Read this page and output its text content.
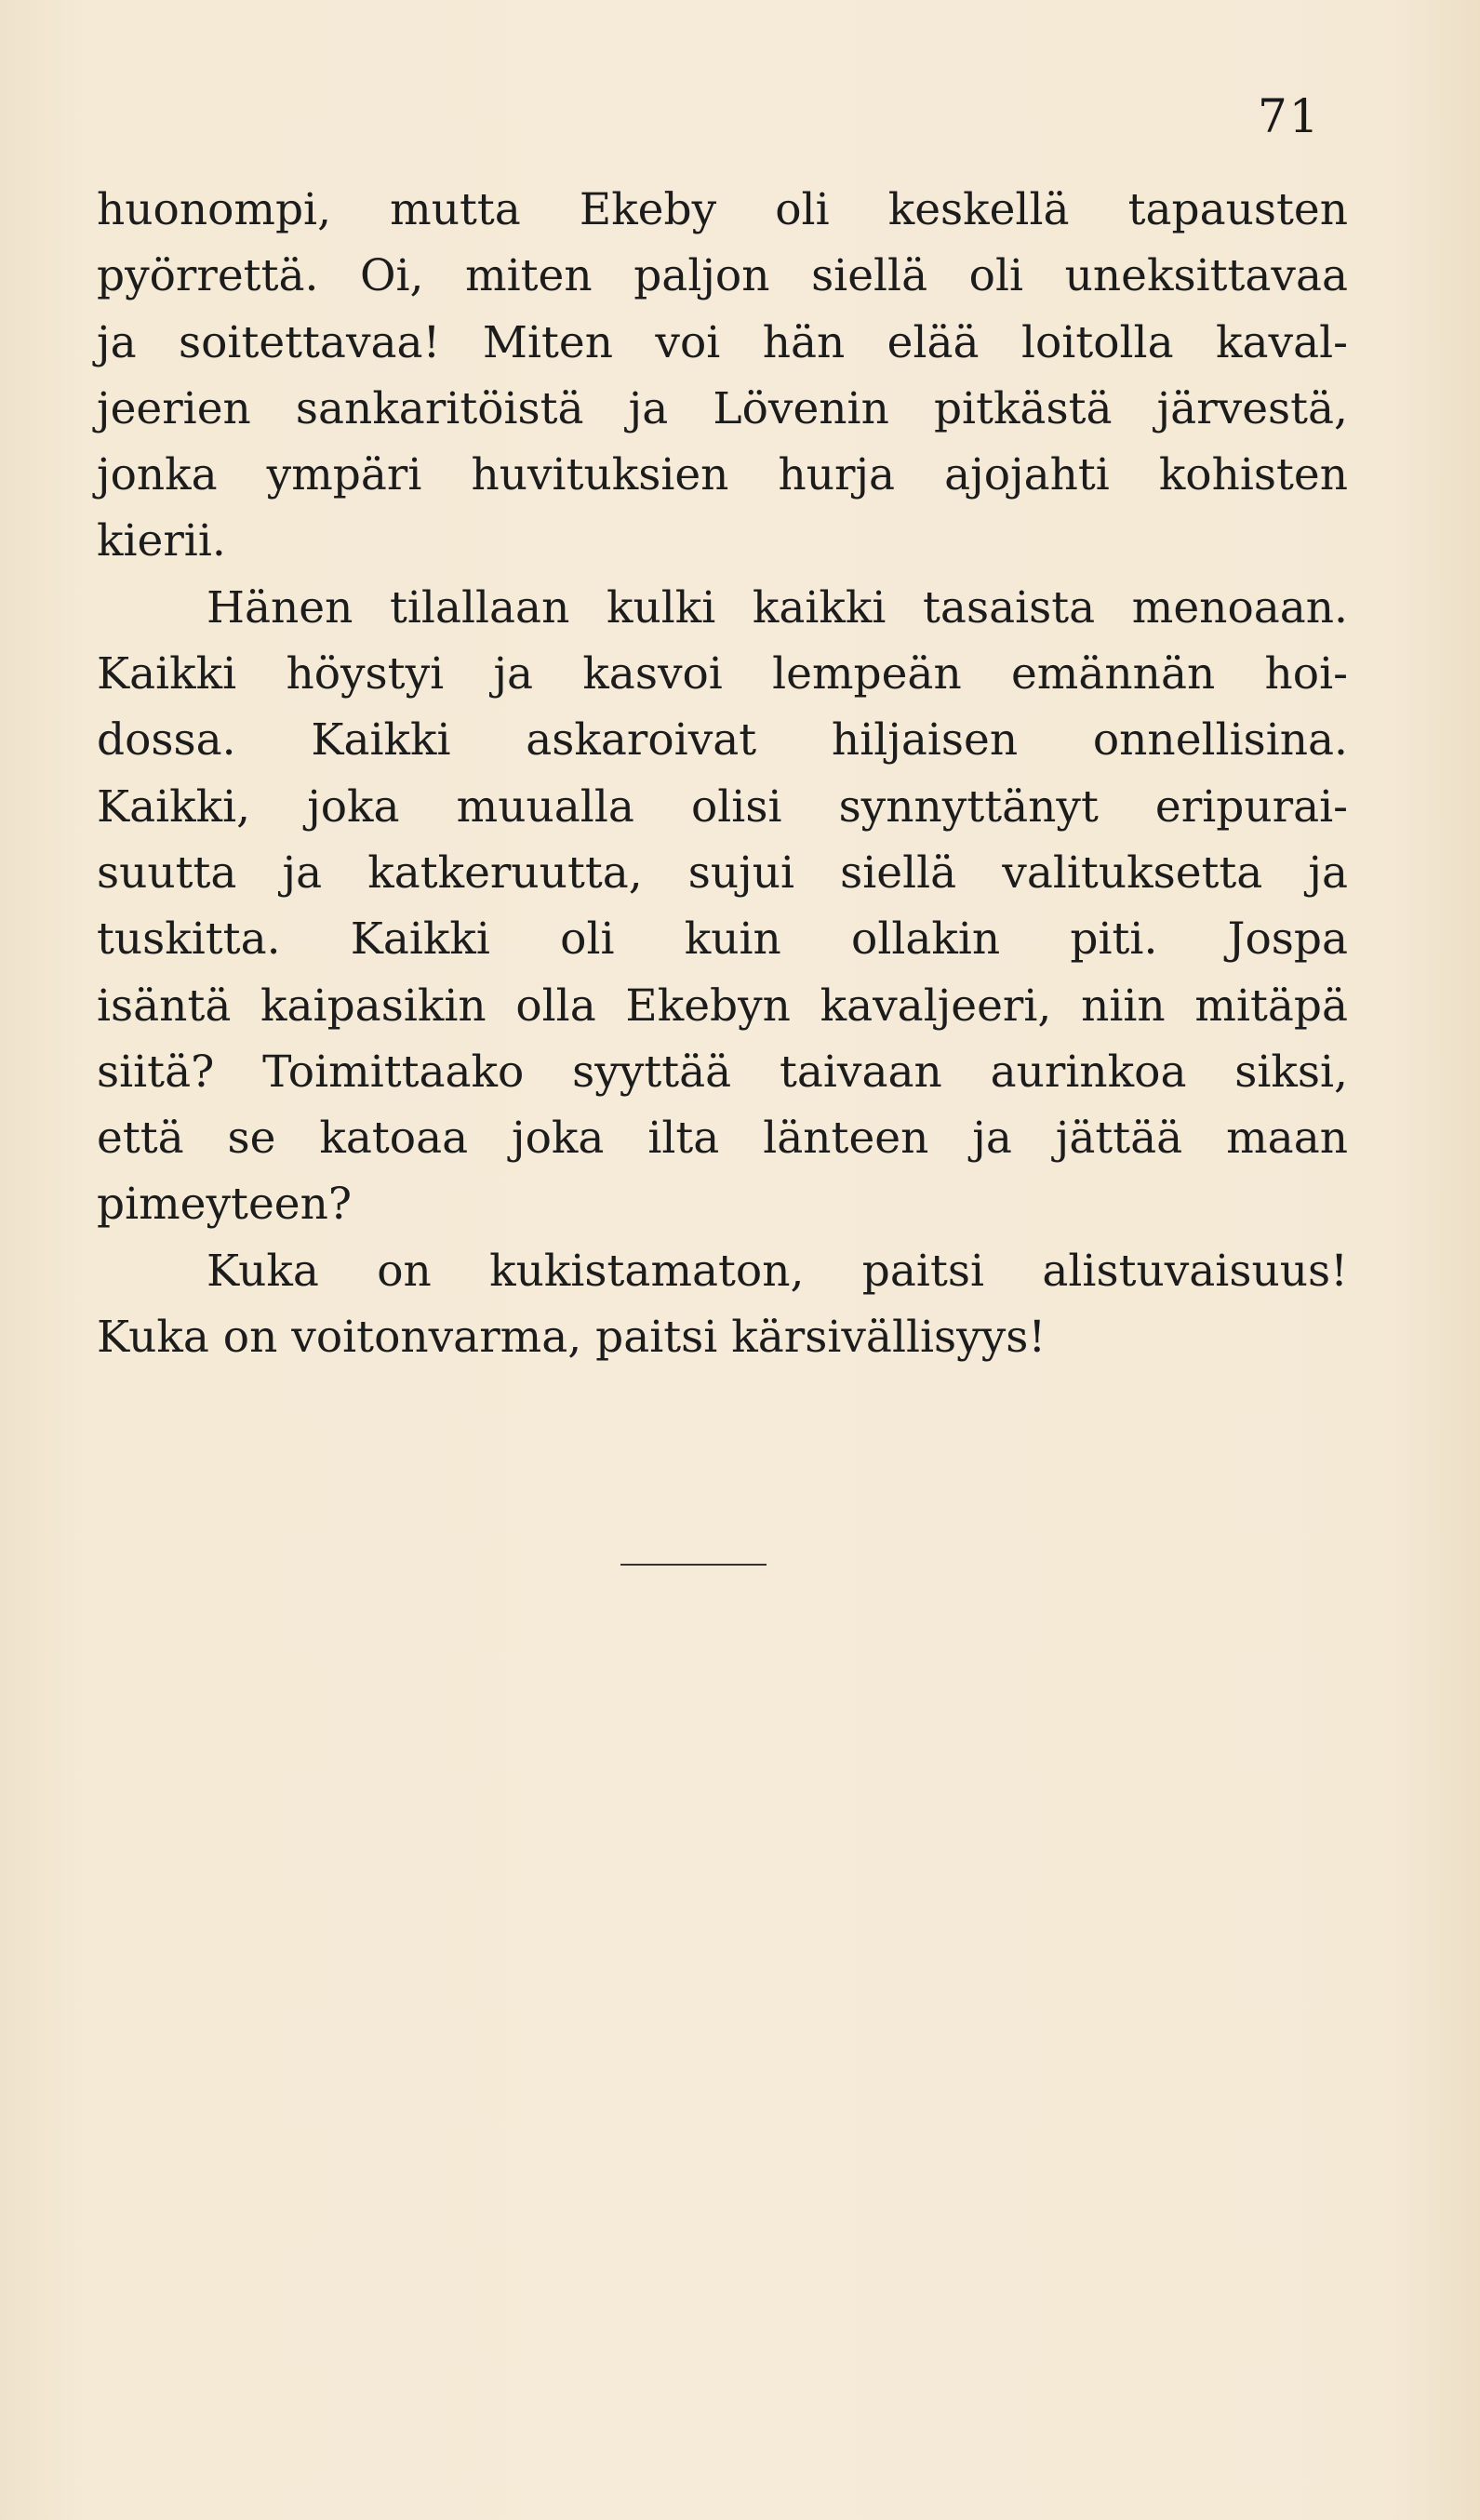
71
huonompi, mutta Ekeby oli keskellä tapausten
pyörrettä. Oi, miten paljon siellä oli uneksittavaa
ja soitettavaa! Miten voi hän elää loitolla kaval-
jeerien sankaritöistä ja Lövenin pitkästä järvestä,
jonka ympäri huvituksien hurja ajojahti kohisten
kierii.
Hänen tilallaan kulki kaikki tasaista menoaan.
Kaikki höystyi ja kasvoi lempeän emännän hoi-
dossa. Kaikki askaroivat hiljaisen onnellisina.
Kaikki, joka muualla olisi synnyttänyt eripurai-
suutta ja katkeruutta, sujui siellä valituksetta ja
tuskitta. Kaikki oli kuin ollakin piti. Jospa
isäntä kaipasikin olla Ekebyn kavaljeeri, niin mitäpä
siitä? Toimittaako syyttää taivaan aurinkoa siksi,
että se katoaa joka ilta länteen ja jättää maan
pimeyteen?
Kuka on kukistamaton, paitsi alistuvaisuus!
Kuka on voitonvarma, paitsi kärsivällisyys!
